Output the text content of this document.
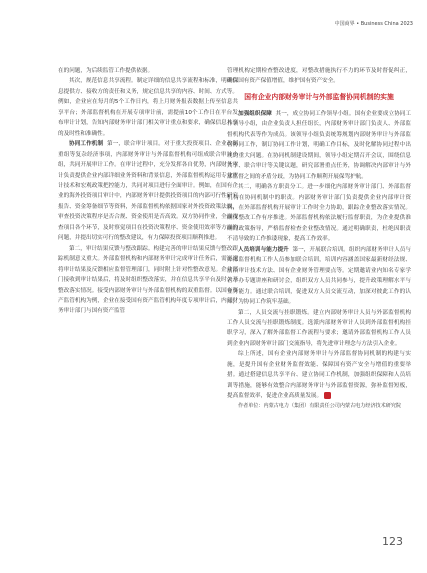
中国商界 • Business China 2023

在的问题，为后续监管工作提供依据。

其次，规范信息共享流程。制定详细的信息共享流程和标准，明确信息提供方、接收方的责任和义务，规定信息共享的内容、时间、方式等。例如，企业应在每月的5个工作日内，将上月财务报表数据上传至信息共享平台；外部监督机构在开展专项审计前，需提前10个工作日在平台发布审计计划，告知内部财务审计部门相关审计重点和要求，确保信息共享的及时性和准确性。

协同工作机制 第一，联合审计项目。对于重大投资项目、企业改制重组等复杂经济事项，内部财务审计与外部监督机构可组成联合审计小组，共同开展审计工作。在审计过程中，充分发挥各自优势，内部财务审计负责提供企业内部详细业务资料和背景信息，外部监督机构运用专业审计技术和宏观政策把控能力，共同对项目进行全面审计。例如，在国有企业的海外投资项目审计中，内部财务审计提供投资项目的内部可行性研究报告、资金筹备细节等资料，外部监督机构依据国家对外投资政策法规，审查投资决策程序是否合规、资金使用是否高效。双方协同作业，全面审查项目各个环节，及时察觉项目在投资决策程序、资金使用效率等方面的问题，并提出切实可行的整改建议，有力保障投资项目顺利推进。

第二，审计结果反馈与整改跟踪。构建完善的审计结果反馈与整改跟踪机制意义重大。外部监督机构和内部财务审计完成审计任务后，需迅速将审计结果及反馈相应监督管理部门，同时附上针对性整改意见。企业部门接收到审计结果后，将及时组织整改落实，并在信息共享平台及时公开整改落实情况。接受内部财务审计与外部监督机构的双重监督。以国有资产监管机构为例，企业在接受国有资产监管机构年度专项审计后，内部财务审计部门与国有资产监管

管理机构定期检查整改进度，对整改措施执行不力的环节及时督促纠正，确保国有资产保值增值，维护国有资产安全。

国有企业内部财务审计与外部监督协同机制的实施

加强组织保障 其一，成立协同工作领导小组。国有企业要成立协同工作领导小组，由企业负责人担任组长，内部财务审计部门负责人、外部监督机构代表等作为成员。该领导小组负责统筹规划内部财务审计与外部监督协同工作，制订协同工作计划，明确工作目标，及时化解协同过程中出现的重大问题。在协同机制建设期间，领导小组定期召开会议，围绕信息共享、联合审计等关键议题，研究部署重点任务，协调解决内部审计与外部监督之间的矛盾分歧，为协同工作顺利开展保驾护航。

其二，明确各方职责分工。进一步细化内部财务审计部门、外部监督机构在协同机制中的职责。内部财务审计部门负责提供企业内部审计资料，在外部监督机构开展审计工作时全力协助，跟踪企业整改落实情况。确保整改工作有序推进。外部监督机构依法履行监督职责，为企业提供准确的政策指导，严格监督检查企业整改情况。通过明确职责，杜绝因职责不清导致的工作推诿现象，提高工作效率。

人员培训与能力提升 第一，开展联合培训。组织内部财务审计人员与外部监督机构工作人员参加联合培训，培训内容涵盖国家最新财经法规、前沿审计技术方法、国有企业财务管理要点等。定期邀请业内知名专家学者举办专题讲座和研讨会，组织双方人员共同参与，提升政策理解水平与业务能力。通过联合培训，促进双方人员交流互动，加深对彼此工作的认知，为协同工作筑牢基础。

第二，人员交流与挂职锻炼。建立内部财务审计人员与外部监督机构工作人员交流与挂职锻炼制度。选派内部财务审计人员到外部监督机构挂职学习，深入了解外部监督工作流程与要求；邀请外部监督机构工作人员到企业内部财务审计部门交流指导，将先进审计理念与方法引入企业。

综上所述，国有企业内部财务审计与外部监督协同机制的构建与实施，是提升国有企业财务监督效能、保障国有资产安全与增值的重要举措。通过搭建信息共享平台、建立协同工作机制，加强组织保障和人员培训等措施，能够有效整合内部财务审计与外部监督资源，弥补监督短板，提高监督效率，促进企业高质量发展。

作者单位：内蒙古电力（集团）有限责任公司内蒙古电力经济技术研究院

123
